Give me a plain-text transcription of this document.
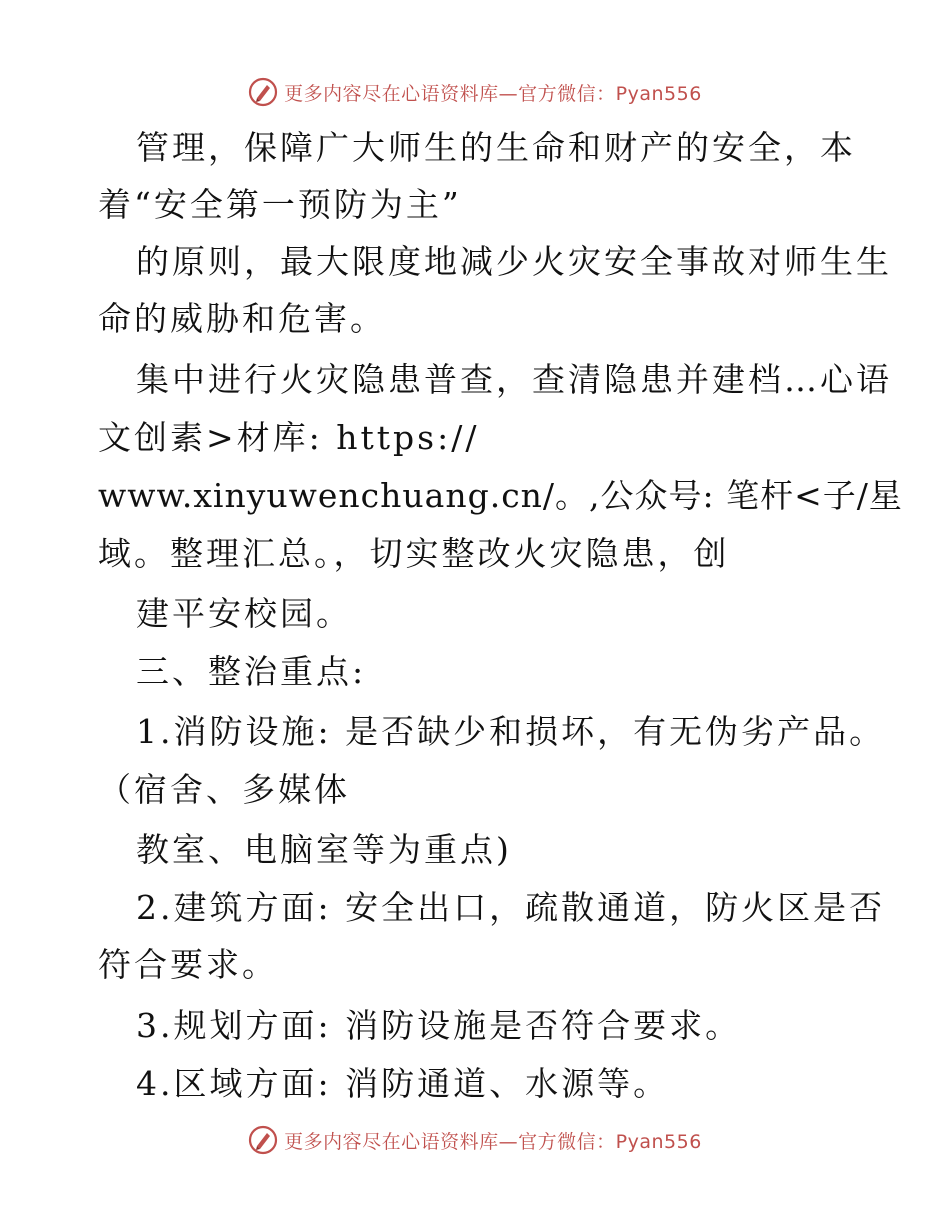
更多内容尽在心语资料库—官方微信：Pyan556
管理，保障广大师生的生命和财产的安全，本
着“安全第一预防为主”
的原则，最大限度地减少火灾安全事故对师生生
命的威胁和危害。
集中进行火灾隐患普查，查清隐患并建档…心语
文创素>材库: https://
www.xinyuwenchuang.cn/。,公众号: 笔杆<子/星
域。整理汇总。，切实整改火灾隐患，创
建平安校园。
三、整治重点:
1.消防设施: 是否缺少和损坏，有无伪劣产品。
（宿舍、多媒体
教室、电脑室等为重点)
2.建筑方面: 安全出口，疏散通道，防火区是否
符合要求。
3.规划方面: 消防设施是否符合要求。
4.区域方面: 消防通道、水源等。
更多内容尽在心语资料库—官方微信：Pyan556
